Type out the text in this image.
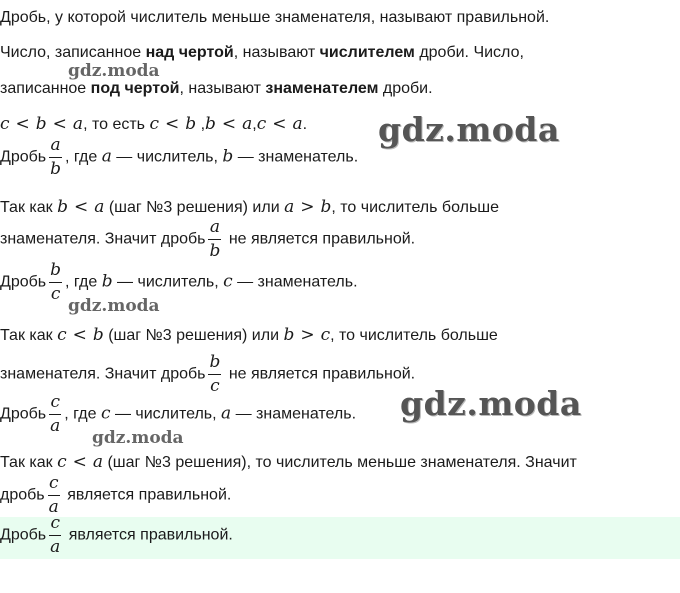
Дробь, у которой числитель меньше знаменателя, называют правильной.
Число, записанное над чертой, называют числителем дроби. Число,
записанное под чертой, называют знаменателем дроби.
c < b < a, то есть c < b ,b < a,c < a.
Дробь $\frac{a}{b}$ , где a — числитель, b — знаменатель.
Так как b < a (шаг №3 решения) или a > b, то числитель больше
знаменателя. Значит дробь $\frac{a}{b}$ не является правильной.
Дробь $\frac{b}{c}$ , где b — числитель, c — знаменатель.
Так как c < b (шаг №3 решения) или b > c, то числитель больше
знаменателя. Значит дробь $\frac{b}{c}$ не является правильной.
Дробь $\frac{c}{a}$ , где c — числитель, a — знаменатель.
Так как c < a (шаг №3 решения), то числитель меньше знаменателя. Значит
дробь $\frac{c}{a}$ является правильной.
Дробь $\frac{c}{a}$ является правильной.
gdz.moda
gdz.moda
gdz.moda
gdz.moda
gdz.moda
